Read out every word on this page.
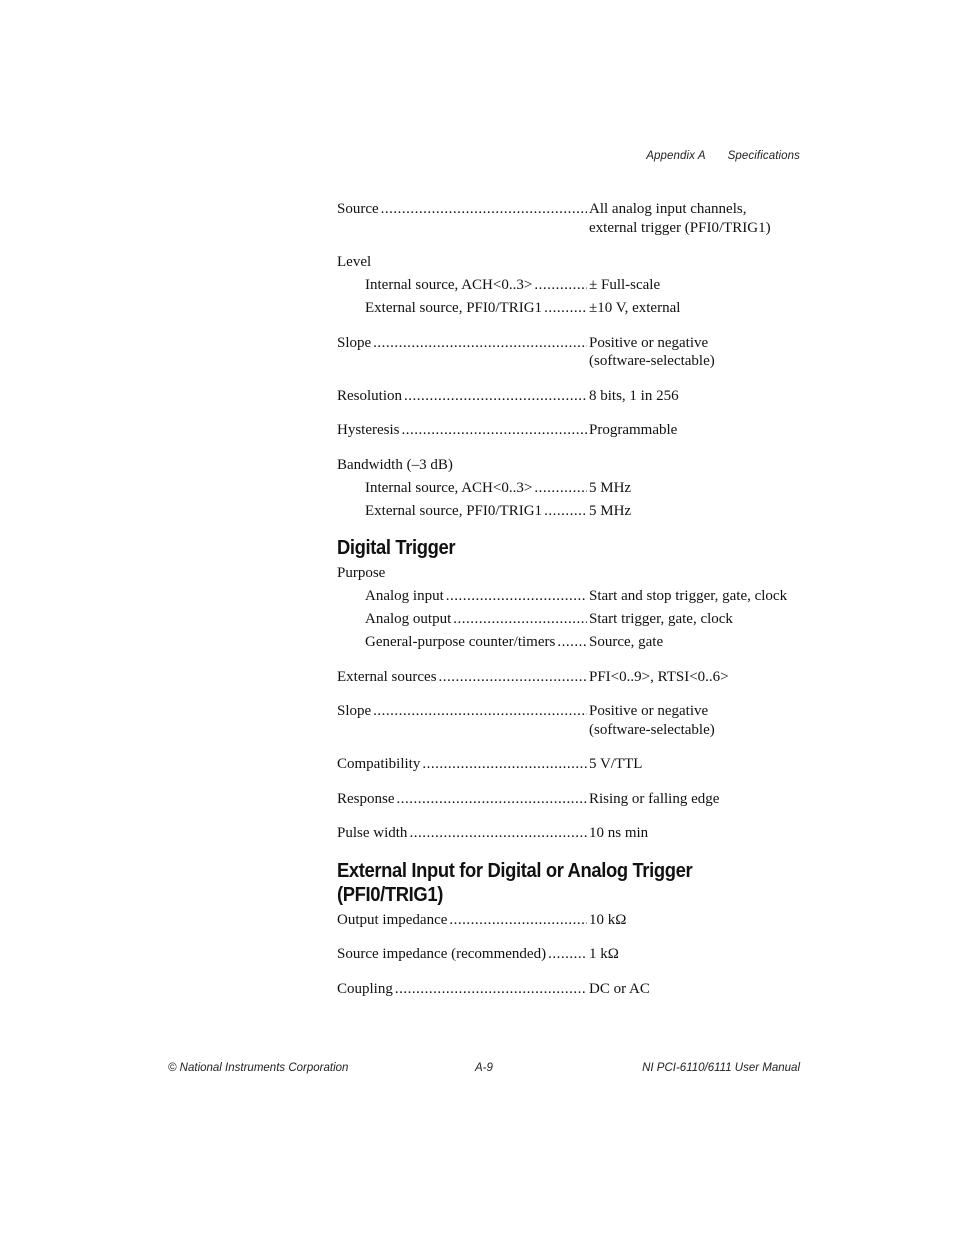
Appendix A Specifications
Source .....	All analog input channels,
external trigger (PFI0/TRIG1)
Level
Internal source, ACH<0..3> .....	± Full-scale
External source, PFI0/TRIG1 .....	±10 V, external
Slope .....	Positive or negative
(software-selectable)
Resolution .....	8 bits, 1 in 256
Hysteresis .....	Programmable
Bandwidth (–3 dB)
Internal source, ACH<0..3> .....	5 MHz
External source, PFI0/TRIG1 .....	5 MHz
Digital Trigger
Purpose
Analog input .....	Start and stop trigger, gate, clock
Analog output .....	Start trigger, gate, clock
General-purpose counter/timers ..... Source, gate
External sources .....	PFI<0..9>, RTSI<0..6>
Slope .....	Positive or negative
(software-selectable)
Compatibility .....	5 V/TTL
Response .....	Rising or falling edge
Pulse width .....	10 ns min
External Input for Digital or Analog Trigger
(PFI0/TRIG1)
Output impedance .....	10 kΩ
Source impedance (recommended) .....	1 kΩ
Coupling .....	DC or AC
© National Instruments Corporation	A-9	NI PCI-6110/6111 User Manual
